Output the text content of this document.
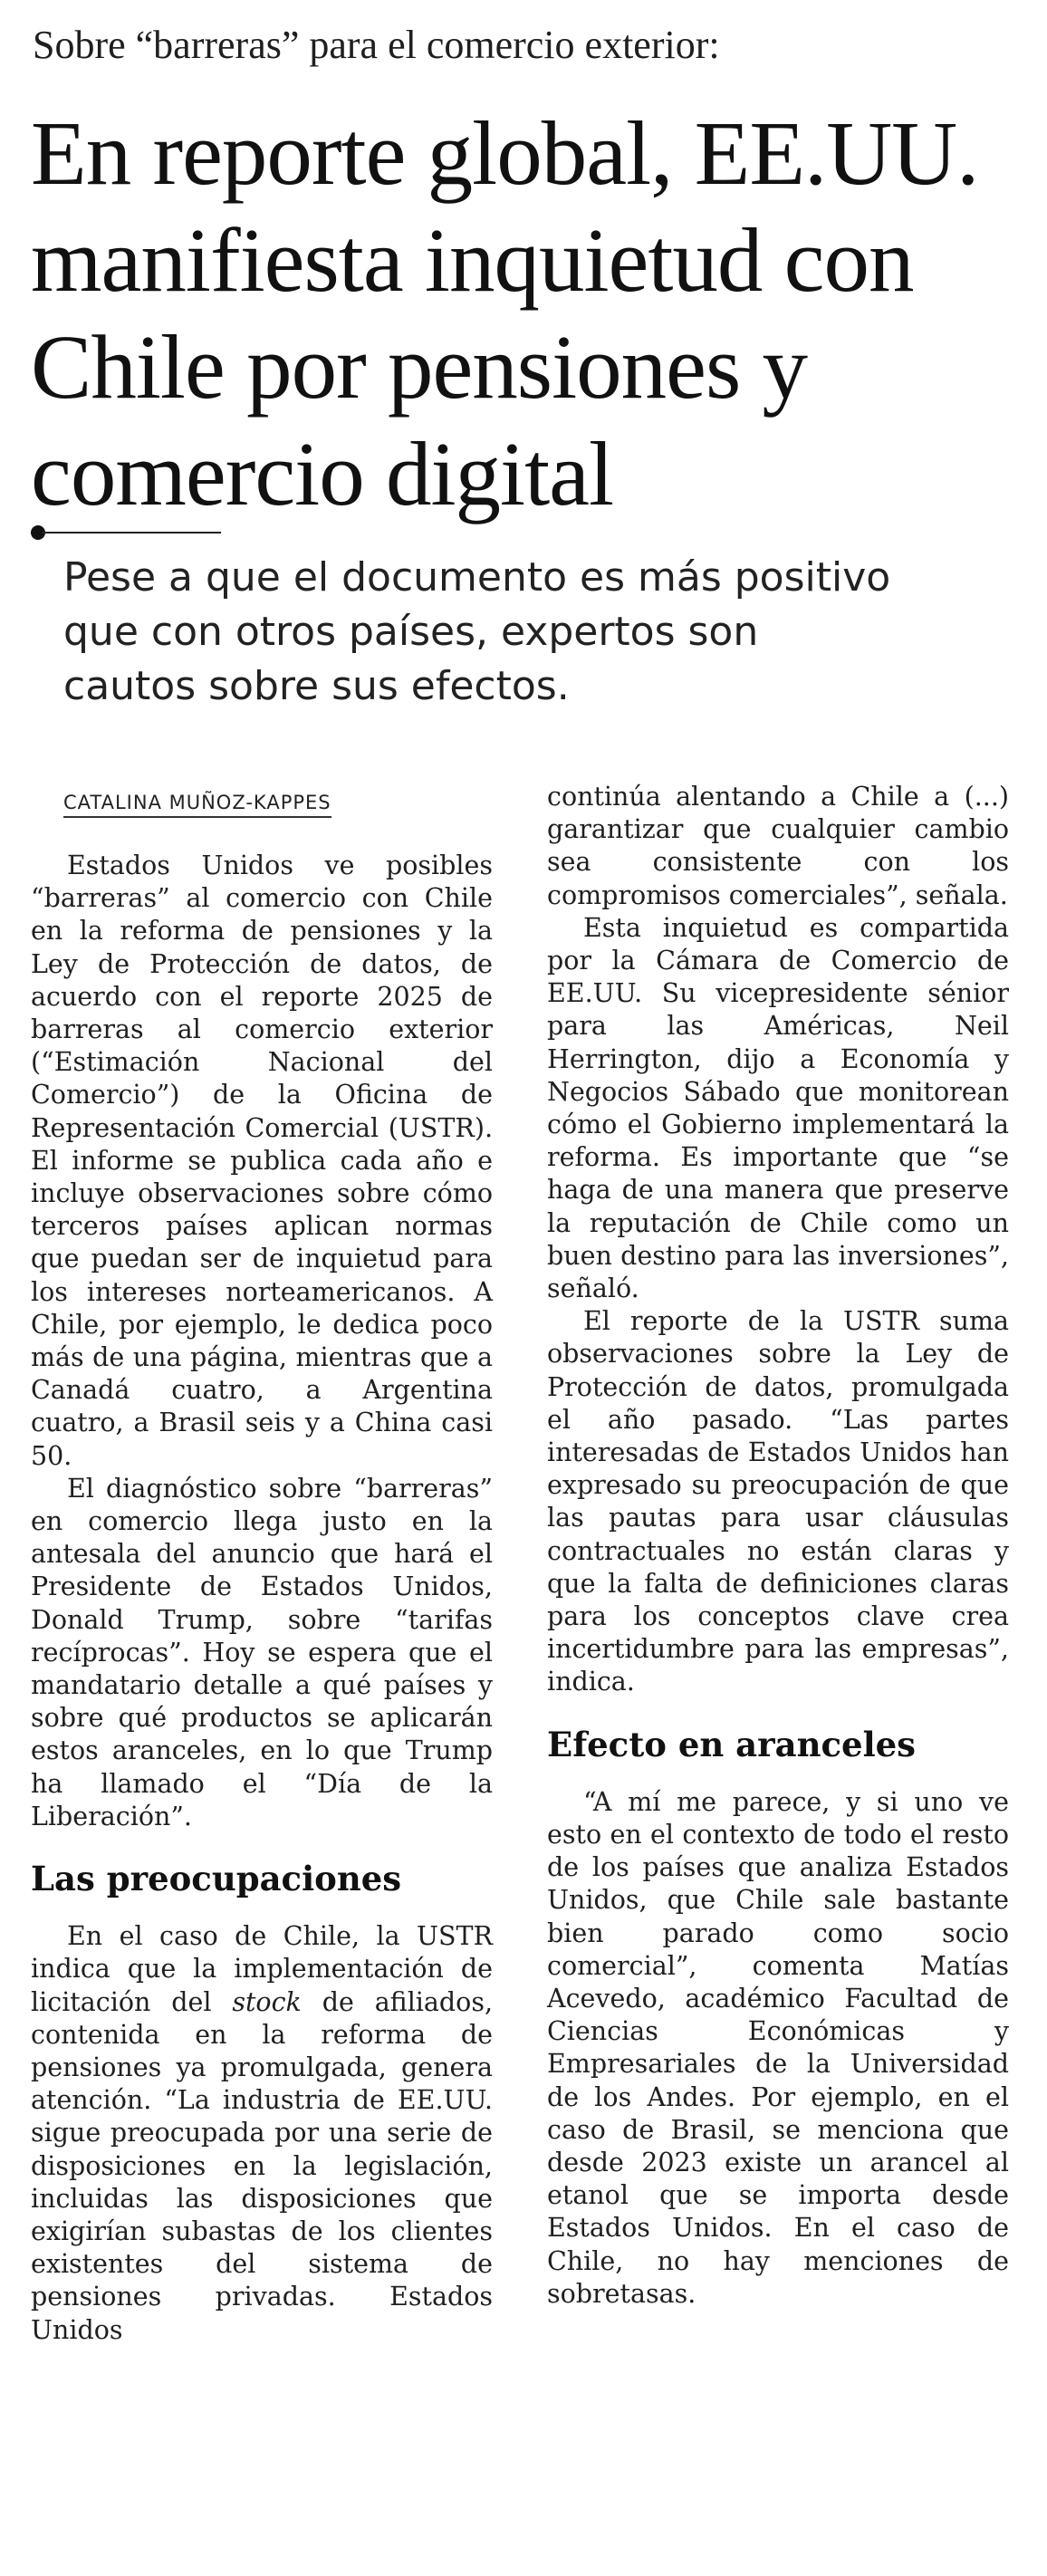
Sobre “barreras” para el comercio exterior:

En reporte global, EE.UU.
manifiesta inquietud con
Chile por pensiones y
comercio digital

Pese a que el documento es más positivo
que con otros países, expertos son
cautos sobre sus efectos.

CATALINA MUÑOZ-KAPPES

Estados Unidos ve posibles “barreras” al comercio con Chile en la reforma de pensiones y la Ley de Protección de datos, de acuerdo con el reporte 2025 de barreras al comercio exterior (“Estimación Nacional del Comercio”) de la Oficina de Representación Comercial (USTR). El informe se publica cada año e incluye observaciones sobre cómo terceros países aplican normas que puedan ser de inquietud para los intereses norteamericanos. A Chile, por ejemplo, le dedica poco más de una página, mientras que a Canadá cuatro, a Argentina cuatro, a Brasil seis y a China casi 50.

El diagnóstico sobre “barreras” en comercio llega justo en la antesala del anuncio que hará el Presidente de Estados Unidos, Donald Trump, sobre “tarifas recíprocas”. Hoy se espera que el mandatario detalle a qué países y sobre qué productos se aplicarán estos aranceles, en lo que Trump ha llamado el “Día de la Liberación”.

Las preocupaciones

En el caso de Chile, la USTR indica que la implementación de licitación del stock de afiliados, contenida en la reforma de pensiones ya promulgada, genera atención. “La industria de EE.UU. sigue preocupada por una serie de disposiciones en la legislación, incluidas las disposiciones que exigirían subastas de los clientes existentes del sistema de pensiones privadas. Estados Unidos

continúa alentando a Chile a (...) garantizar que cualquier cambio sea consistente con los compromisos comerciales”, señala.

Esta inquietud es compartida por la Cámara de Comercio de EE.UU. Su vicepresidente sénior para las Américas, Neil Herrington, dijo a Economía y Negocios Sábado que monitorean cómo el Gobierno implementará la reforma. Es importante que “se haga de una manera que preserve la reputación de Chile como un buen destino para las inversiones”, señaló.

El reporte de la USTR suma observaciones sobre la Ley de Protección de datos, promulgada el año pasado. “Las partes interesadas de Estados Unidos han expresado su preocupación de que las pautas para usar cláusulas contractuales no están claras y que la falta de definiciones claras para los conceptos clave crea incertidumbre para las empresas”, indica.

Efecto en aranceles

“A mí me parece, y si uno ve esto en el contexto de todo el resto de los países que analiza Estados Unidos, que Chile sale bastante bien parado como socio comercial”, comenta Matías Acevedo, académico Facultad de Ciencias Económicas y Empresariales de la Universidad de los Andes. Por ejemplo, en el caso de Brasil, se menciona que desde 2023 existe un arancel al etanol que se importa desde Estados Unidos. En el caso de Chile, no hay menciones de sobretasas.
